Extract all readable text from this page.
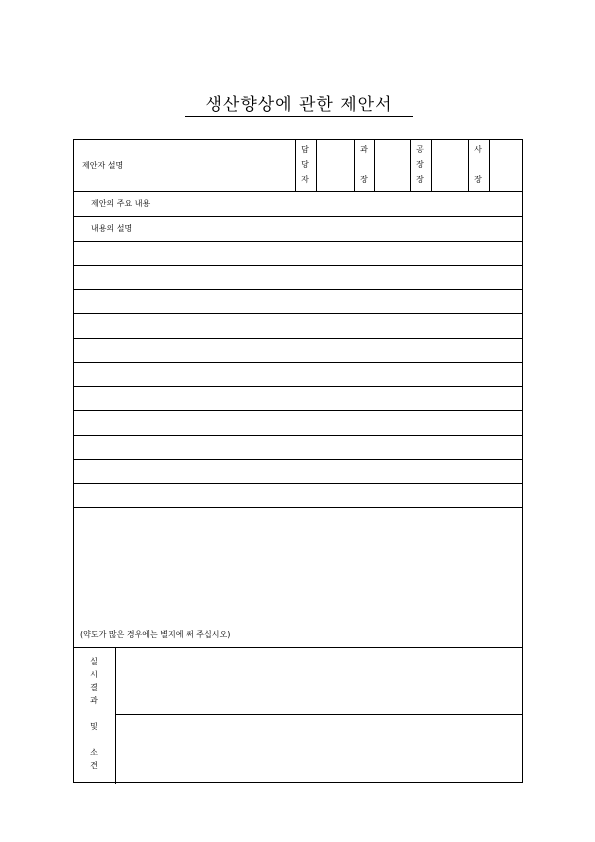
생산향상에 관한 제안서
제안자 설명
담
당
자
과
장
공
장
장
사
장
제안의 주요 내용
내용의 설명
(약도가 많은 경우에는 별지에 써 주십시오)
실
시
결
과
및
소
견
